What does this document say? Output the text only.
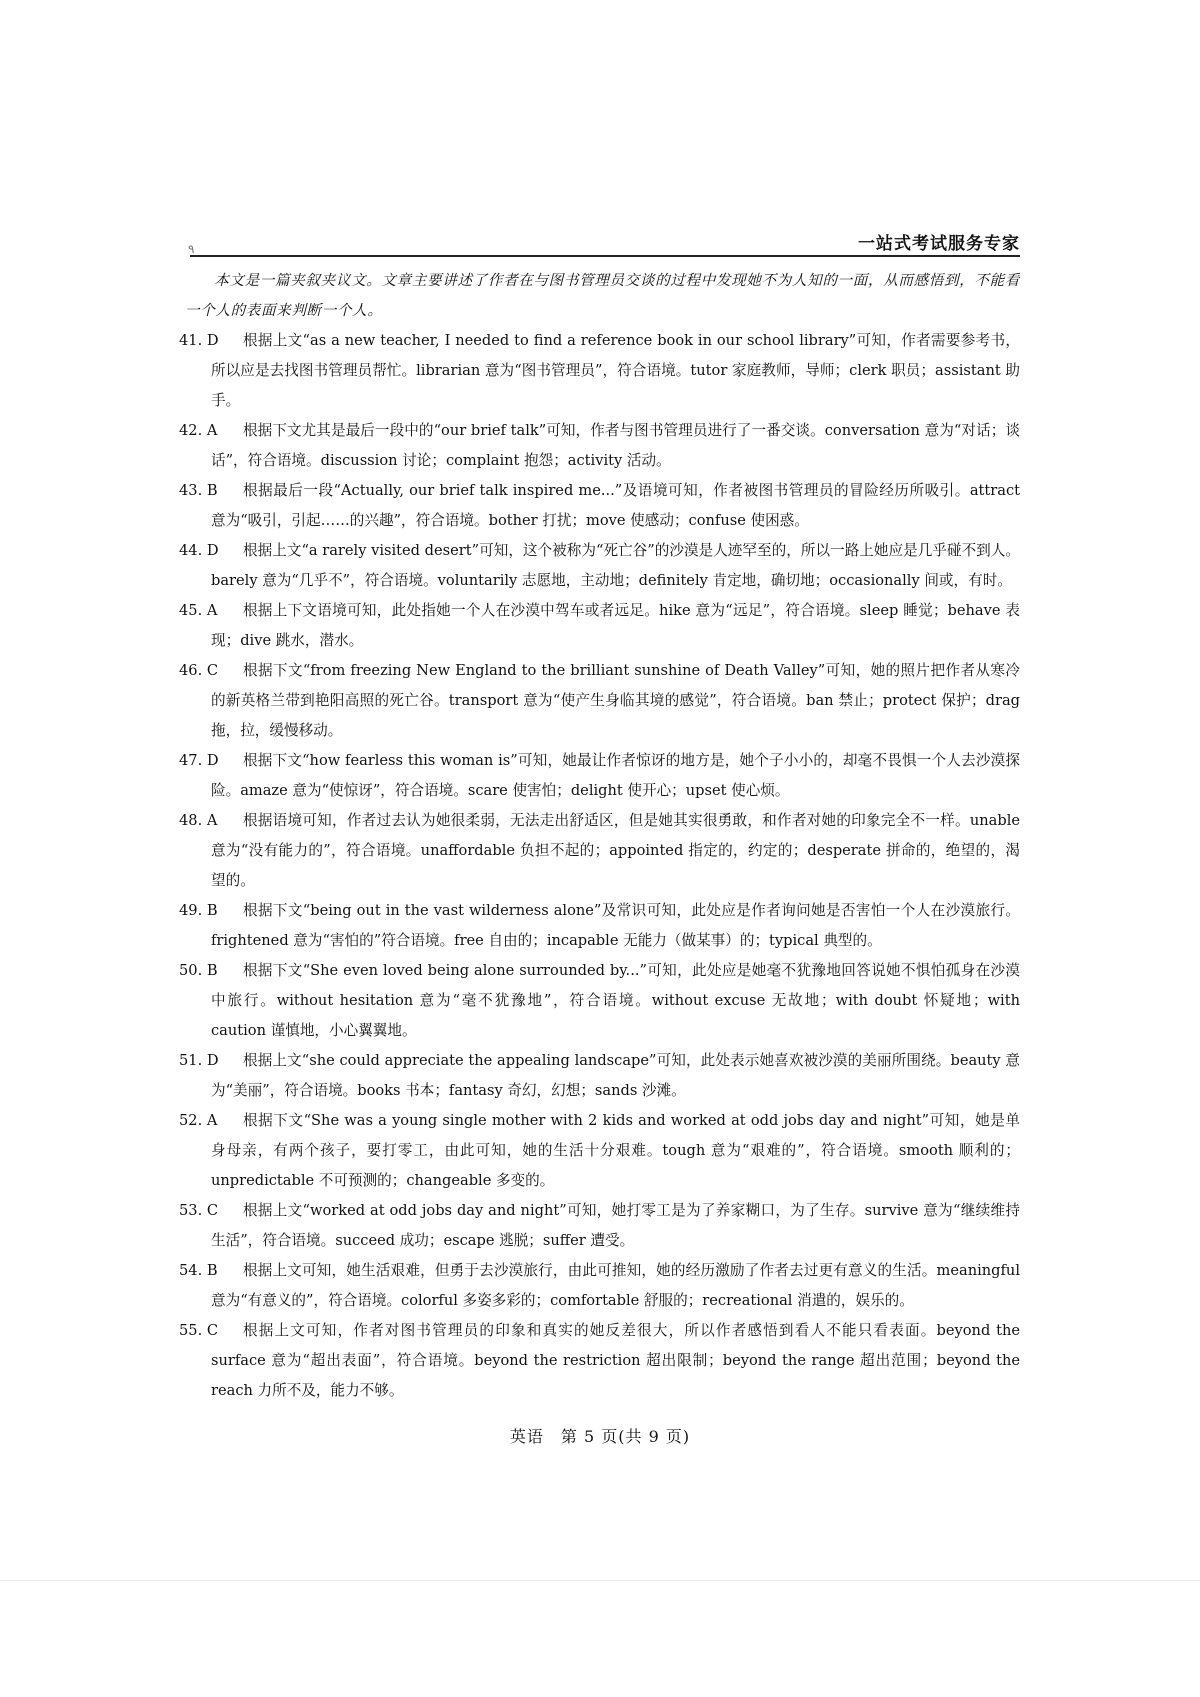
٩	一站式考试服务专家

本文是一篇夹叙夹议文。文章主要讲述了作者在与图书管理员交谈的过程中发现她不为人知的一面，从而感悟到，不能看一个人的表面来判断一个人。

41. D	根据上文“as a new teacher, I needed to find a reference book in our school library”可知，作者需要参考书，所以应是去找图书管理员帮忙。librarian 意为“图书管理员”，符合语境。tutor 家庭教师，导师；clerk 职员；assistant 助手。

42. A	根据下文尤其是最后一段中的“our brief talk”可知，作者与图书管理员进行了一番交谈。conversation 意为“对话；谈话”，符合语境。discussion 讨论；complaint 抱怨；activity 活动。

43. B	根据最后一段“Actually, our brief talk inspired me...”及语境可知，作者被图书管理员的冒险经历所吸引。attract 意为“吸引，引起……的兴趣”，符合语境。bother 打扰；move 使感动；confuse 使困惑。

44. D	根据上文“a rarely visited desert”可知，这个被称为“死亡谷”的沙漠是人迹罕至的，所以一路上她应是几乎碰不到人。barely 意为“几乎不”，符合语境。voluntarily 志愿地，主动地；definitely 肯定地，确切地；occasionally 间或，有时。

45. A	根据上下文语境可知，此处指她一个人在沙漠中驾车或者远足。hike 意为“远足”，符合语境。sleep 睡觉；behave 表现；dive 跳水，潜水。

46. C	根据下文“from freezing New England to the brilliant sunshine of Death Valley”可知，她的照片把作者从寒冷的新英格兰带到艳阳高照的死亡谷。transport 意为“使产生身临其境的感觉”，符合语境。ban 禁止；protect 保护；drag 拖，拉，缓慢移动。

47. D	根据下文“how fearless this woman is”可知，她最让作者惊讶的地方是，她个子小小的，却毫不畏惧一个人去沙漠探险。amaze 意为“使惊讶”，符合语境。scare 使害怕；delight 使开心；upset 使心烦。

48. A	根据语境可知，作者过去认为她很柔弱，无法走出舒适区，但是她其实很勇敢，和作者对她的印象完全不一样。unable 意为“没有能力的”，符合语境。unaffordable 负担不起的；appointed 指定的，约定的；desperate 拼命的，绝望的，渴望的。

49. B	根据下文“being out in the vast wilderness alone”及常识可知，此处应是作者询问她是否害怕一个人在沙漠旅行。frightened 意为“害怕的”符合语境。free 自由的；incapable 无能力（做某事）的；typical 典型的。

50. B	根据下文“She even loved being alone surrounded by...”可知，此处应是她毫不犹豫地回答说她不惧怕孤身在沙漠中旅行。without hesitation 意为“毫不犹豫地”，符合语境。without excuse 无故地；with doubt 怀疑地；with caution 谨慎地，小心翼翼地。

51. D	根据上文“she could appreciate the appealing landscape”可知，此处表示她喜欢被沙漠的美丽所围绕。beauty 意为“美丽”，符合语境。books 书本；fantasy 奇幻，幻想；sands 沙滩。

52. A	根据下文“She was a young single mother with 2 kids and worked at odd jobs day and night”可知，她是单身母亲，有两个孩子，要打零工，由此可知，她的生活十分艰难。tough 意为“艰难的”，符合语境。smooth 顺利的；unpredictable 不可预测的；changeable 多变的。

53. C	根据上文“worked at odd jobs day and night”可知，她打零工是为了养家糊口，为了生存。survive 意为“继续维持生活”，符合语境。succeed 成功；escape 逃脱；suffer 遭受。

54. B	根据上文可知，她生活艰难，但勇于去沙漠旅行，由此可推知，她的经历激励了作者去过更有意义的生活。meaningful 意为“有意义的”，符合语境。colorful 多姿多彩的；comfortable 舒服的；recreational 消遣的，娱乐的。

55. C	根据上文可知，作者对图书管理员的印象和真实的她反差很大，所以作者感悟到看人不能只看表面。beyond the surface 意为“超出表面”，符合语境。beyond the restriction 超出限制；beyond the range 超出范围；beyond the reach 力所不及，能力不够。

英语　第 5 页(共 9 页)
